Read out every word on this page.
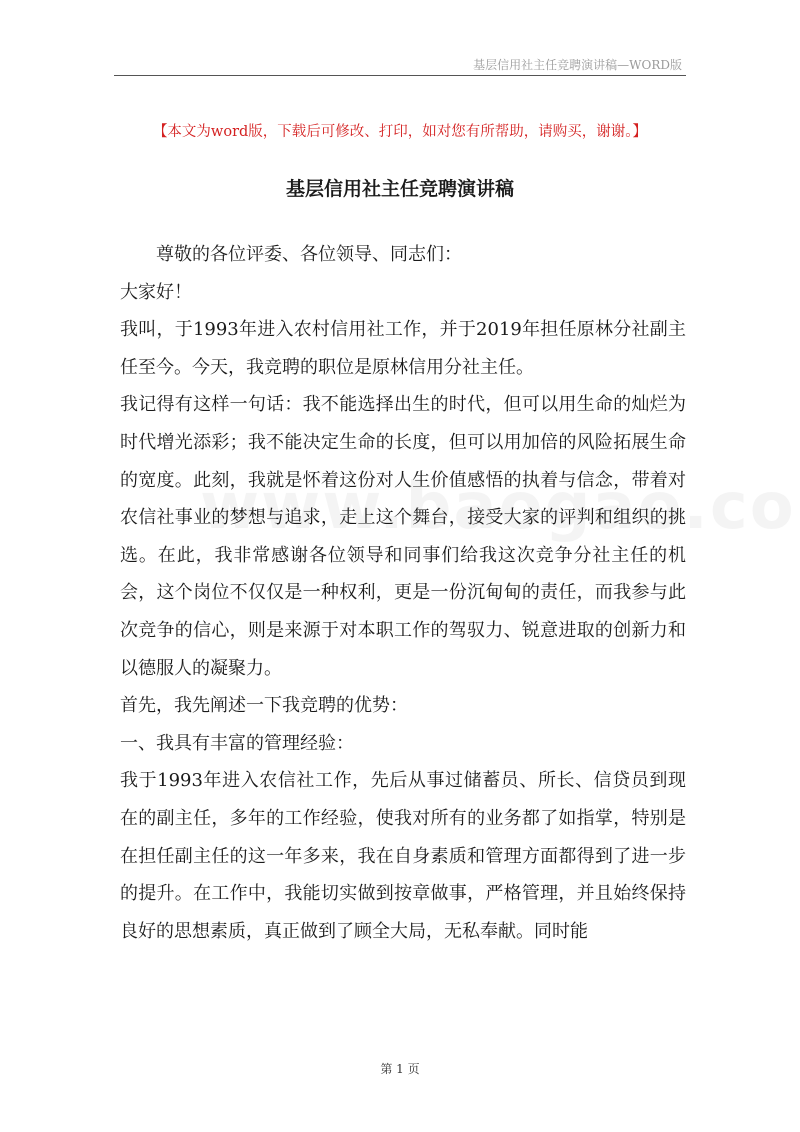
基层信用社主任竞聘演讲稿—WORD版
【本文为word版，下载后可修改、打印，如对您有所帮助，请购买，谢谢。】
基层信用社主任竞聘演讲稿

尊敬的各位评委、各位领导、同志们：

大家好！

我叫，于1993年进入农村信用社工作，并于2019年担任原林分社副主任至今。今天，我竞聘的职位是原林信用分社主任。

我记得有这样一句话：我不能选择出生的时代，但可以用生命的灿烂为时代增光添彩；我不能决定生命的长度，但可以用加倍的风险拓展生命的宽度。此刻，我就是怀着这份对人生价值感悟的执着与信念，带着对农信社事业的梦想与追求，走上这个舞台，接受大家的评判和组织的挑选。在此，我非常感谢各位领导和同事们给我这次竞争分社主任的机会，这个岗位不仅仅是一种权利，更是一份沉甸甸的责任，而我参与此次竞争的信心，则是来源于对本职工作的驾驭力、锐意进取的创新力和以德服人的凝聚力。

首先，我先阐述一下我竞聘的优势：

一、我具有丰富的管理经验：

我于1993年进入农信社工作，先后从事过储蓄员、所长、信贷员到现在的副主任，多年的工作经验，使我对所有的业务都了如指掌，特别是在担任副主任的这一年多来，我在自身素质和管理方面都得到了进一步的提升。在工作中，我能切实做到按章做事，严格管理，并且始终保持良好的思想素质，真正做到了顾全大局，无私奉献。同时能

第 1 页
